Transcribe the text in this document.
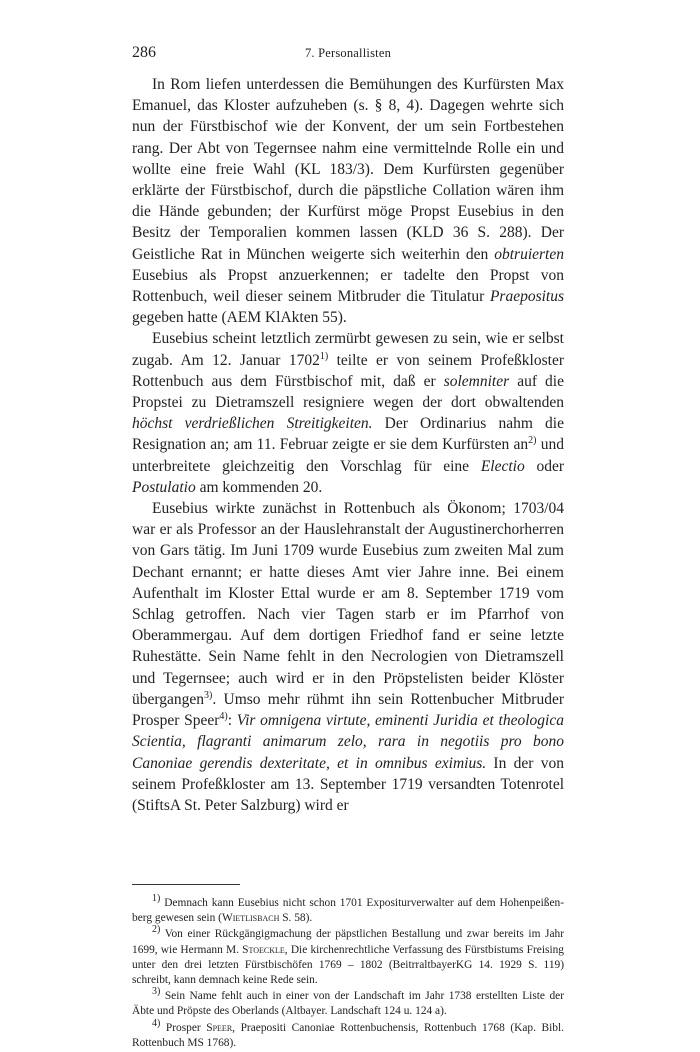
286	7. Personallisten

In Rom liefen unterdessen die Bemühungen des Kurfürsten Max Emanuel, das Kloster aufzuheben (s. § 8, 4). Dagegen wehrte sich nun der Fürstbischof wie der Konvent, der um sein Fortbestehen rang. Der Abt von Tegernsee nahm eine vermittelnde Rolle ein und wollte eine freie Wahl (KL 183/3). Dem Kurfürsten gegenüber erklärte der Fürstbischof, durch die päpstliche Collation wären ihm die Hände gebunden; der Kurfürst möge Propst Eusebius in den Besitz der Temporalien kommen lassen (KLD 36 S. 288). Der Geistliche Rat in München weigerte sich weiterhin den obtruierten Eusebius als Propst anzuerkennen; er tadelte den Propst von Rottenbuch, weil dieser seinem Mitbruder die Titulatur Praepositus gegeben hatte (AEM KlAkten 55).

Eusebius scheint letztlich zermürbt gewesen zu sein, wie er selbst zugab. Am 12. Januar 1702$^{1)}$ teilte er von seinem Profeßkloster Rottenbuch aus dem Fürstbischof mit, daß er solemniter auf die Propstei zu Dietramszell resigniere wegen der dort obwaltenden höchst verdrießlichen Streitigkeiten. Der Ordinarius nahm die Resignation an; am 11. Februar zeigte er sie dem Kurfürsten $an^{2)}$ und unterbreitete gleichzeitig den Vorschlag für eine Electio oder Postulatio am kommenden 20.

Eusebius wirkte zunächst in Rottenbuch als Ökonom; 1703/04 war er als Professor an der Hauslehranstalt der Augustinerchorherren von Gars tätig. Im Juni 1709 wurde Eusebius zum zweiten Mal zum Dechant ernannt; er hatte dieses Amt vier Jahre inne. Bei einem Aufenthalt im Kloster Ettal wurde er am 8. September 1719 vom Schlag getroffen. Nach vier Tagen starb er im Pfarrhof von Oberammergau. Auf dem dortigen Friedhof fand er seine letzte Ruhestätte. Sein Name fehlt in den Necrologien von Dietramszell und Tegernsee; auch wird er in den Pröpstelisten beider Klöster übergangen$^{3)}$. Umso mehr rühmt ihn sein Rottenbucher Mitbruder Prosper Speer$^{4)}$: Vir omnigena virtute, eminenti Juridia et theologica Scientia, flagranti animarum zelo, rara in negotiis pro bono Canoniae gerendis dexteritate, et in omnibus eximius. In der von seinem Profeßkloster am 13. September 1719 versandten Totenrotel (StiftsA St. Peter Salzburg) wird er

$^{1)}$ Demnach kann Eusebius nicht schon 1701 Expositurverwalter auf dem Hohenpeißenberg gewesen sein (Wietlisbach S. 58).

$^{2)}$ Von einer Rückgängigmachung der päpstlichen Bestallung und zwar bereits im Jahr 1699, wie Hermann M. Stoeckle, Die kirchenrechtliche Verfassung des Fürstbistums Freising unter den drei letzten Fürstbischöfen 1769 – 1802 (BeitrraltbayerKG 14. 1929 S. 119) schreibt, kann demnach keine Rede sein.

$^{3)}$ Sein Name fehlt auch in einer von der Landschaft im Jahr 1738 erstellten Liste der Äbte und Pröpste des Oberlands (Altbayer. Landschaft 124 u. 124 a).

$^{4)}$ Prosper Speer, Praepositi Canoniae Rottenbuchensis, Rottenbuch 1768 (Kap. Bibl. Rottenbuch MS 1768).
